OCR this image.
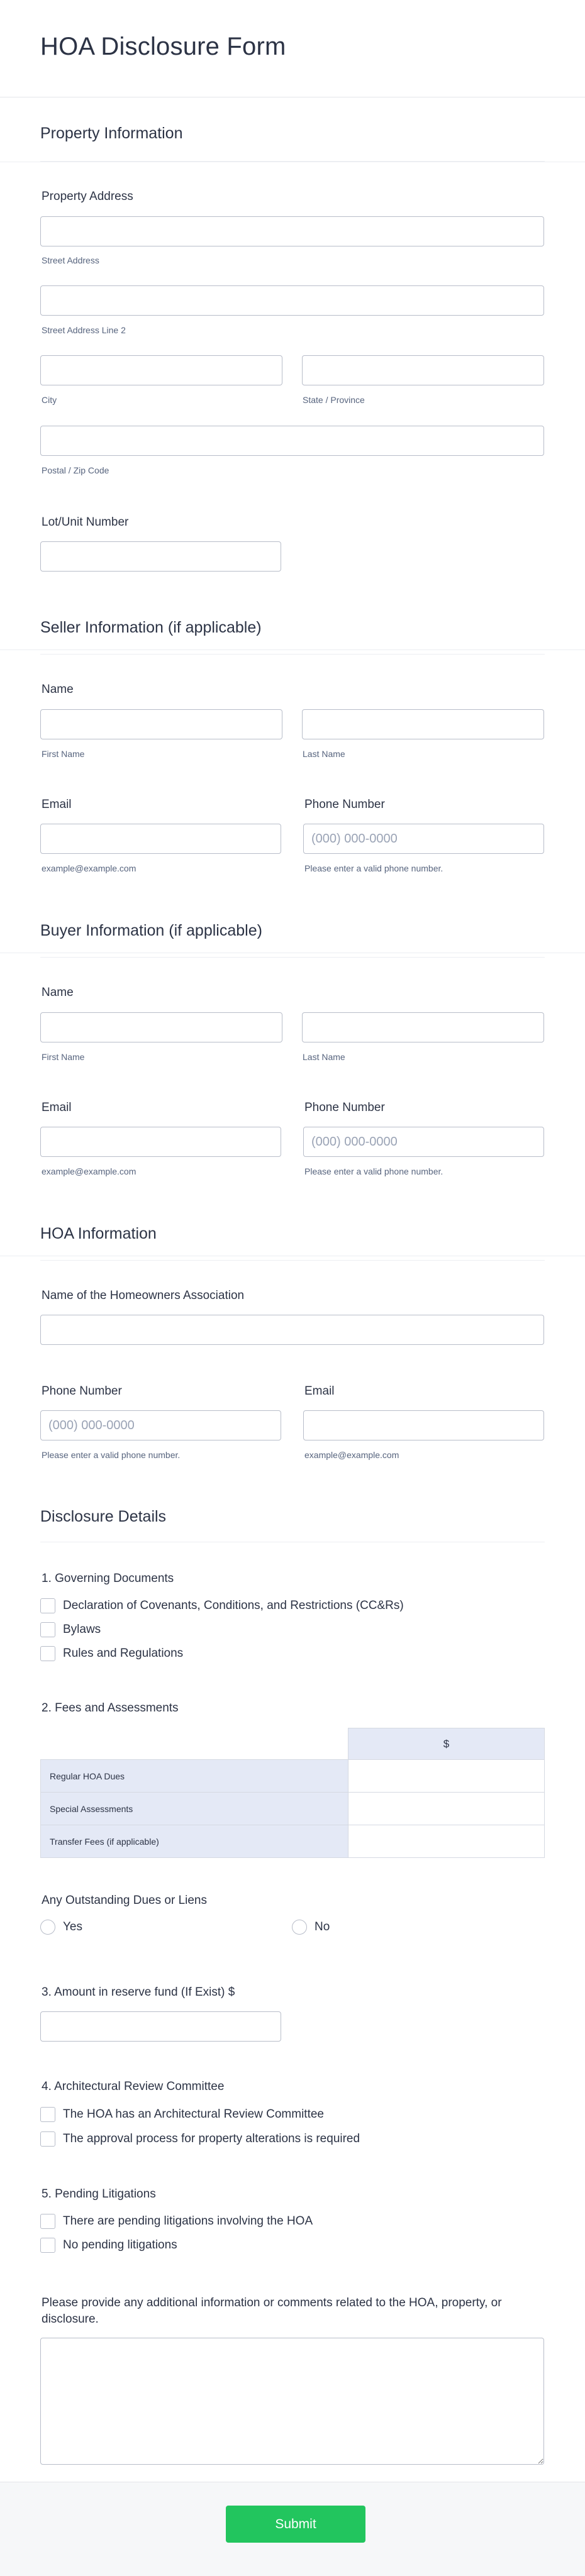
HOA Disclosure Form
Property Information
Property Address
Street Address
Street Address Line 2
City	State / Province
Postal / Zip Code
Lot/Unit Number
Seller Information (if applicable)
Name
First Name	Last Name
Email
example@example.com
Phone Number
(000) 000-0000
Please enter a valid phone number.
Buyer Information (if applicable)
Name
First Name	Last Name
Email
example@example.com
Phone Number
(000) 000-0000
Please enter a valid phone number.
HOA Information
Name of the Homeowners Association
Phone Number
(000) 000-0000
Please enter a valid phone number.
Email
example@example.com
Disclosure Details
1. Governing Documents
Declaration of Covenants, Conditions, and Restrictions (CC&Rs)
Bylaws
Rules and Regulations
2. Fees and Assessments
	$
Regular HOA Dues	
Special Assessments	
Transfer Fees (if applicable)	
Any Outstanding Dues or Liens
Yes	No
3. Amount in reserve fund (If Exist) $
4. Architectural Review Committee
The HOA has an Architectural Review Committee
The approval process for property alterations is required
5. Pending Litigations
There are pending litigations involving the HOA
No pending litigations
Please provide any additional information or comments related to the HOA, property, or disclosure.
Submit
